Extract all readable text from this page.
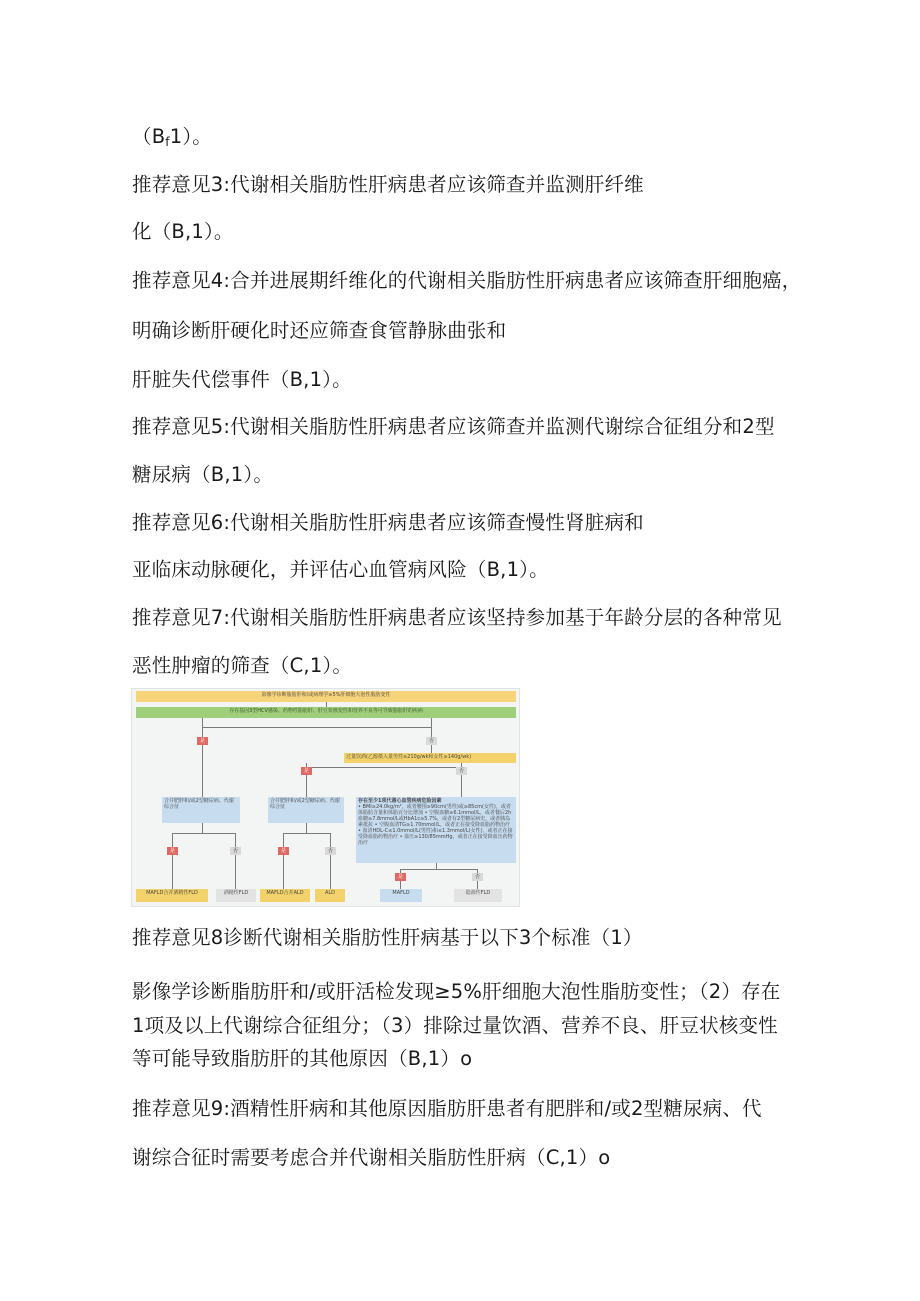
$(B_f1)$。
推荐意见3:代谢相关脂肪性肝病患者应该筛查并监测肝纤维
化（B,1）。
推荐意见4:合并进展期纤维化的代谢相关脂肪性肝病患者应该筛查肝细胞癌，
明确诊断肝硬化时还应筛查食管静脉曲张和
肝脏失代偿事件（B,1）。
推荐意见5:代谢相关脂肪性肝病患者应该筛查并监测代谢综合征组分和2型
糖尿病（B,1）。
推荐意见6:代谢相关脂肪性肝病患者应该筛查慢性肾脏病和
亚临床动脉硬化，并评估心血管病风险（B,1）。
推荐意见7:代谢相关脂肪性肝病患者应该坚持参加基于年龄分层的各种常见
恶性肿瘤的筛查（C,1）。
影像学诊断脂肪肝和/或病理学≥5%肝细胞大泡性脂肪变性
存在基因3型HCV感染、药物性脂肪肝、肝豆状核变性和营养不良等可导致脂肪肝的疾病
是	否
过量饮酒(乙醇摄入量男性≥210g/wk和女性≥140g/wk)
是	否
合并肥胖和/或2型糖尿病、代谢综合征
合并肥胖和/或2型糖尿病、代谢综合征
存在至少1项代谢心血管疾病危险因素
• BMI≥24.0kg/m²，或者腰围≥90cm(男性)或≥85cm(女性)，或者体脂肪含量和体脂百分比增加 • 空腹血糖≥6.1mmol/L，或者餐后2h血糖≥7.8mmol/L或HbA1c≥5.7%，或者有2型糖尿病史，或者胰岛素抵抗 • 空腹血清TG≥1.70mmol/L，或者正在接受降血脂药物治疗 • 血清HDL-C≤1.0mmol/L(男性)和≤1.3mmol/L(女性)，或者正在接受降血脂药物治疗 • 血压≥130/85mmHg，或者正在接受降血压药物治疗
是	否	是	否
是	否
MAFLD合并酒精性FLD	酒精性FLD	MAFLD合并ALD	ALD	MAFLD	隐源性FLD
推荐意见8诊断代谢相关脂肪性肝病基于以下3个标准（1）
影像学诊断脂肪肝和/或肝活检发现≥5%肝细胞大泡性脂肪变性；（2）存在
1项及以上代谢综合征组分；（3）排除过量饮酒、营养不良、肝豆状核变性
等可能导致脂肪肝的其他原因（B,1）o
推荐意见9:酒精性肝病和其他原因脂肪肝患者有肥胖和/或2型糖尿病、代
谢综合征时需要考虑合并代谢相关脂肪性肝病（C,1）o
